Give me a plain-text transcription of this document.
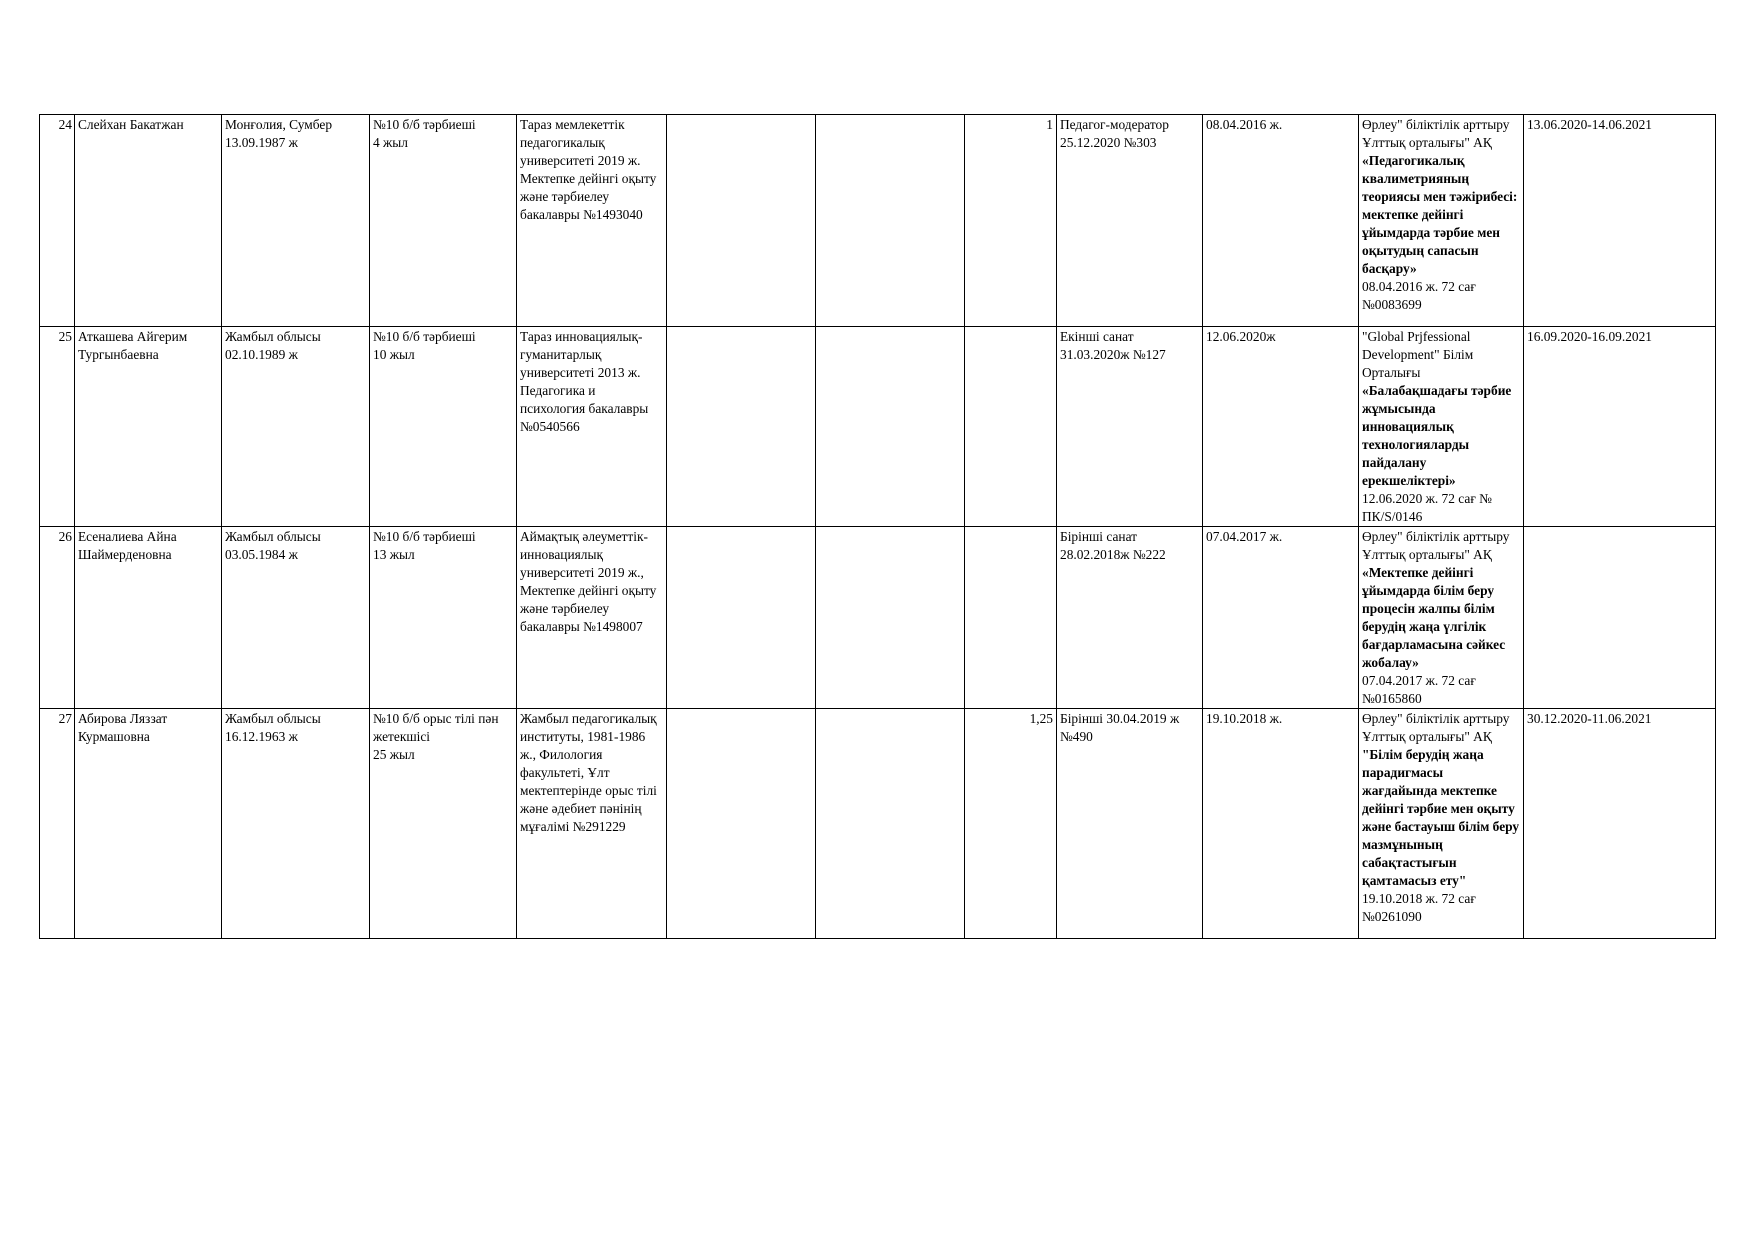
24	Слейхан Бакатжан	Монғолия, Сумбер
13.09.1987 ж	№10 б/б тәрбиеші
4 жыл	Тараз мемлекеттік педагогикалық университеті 2019 ж. Мектепке дейінгі оқыту және тәрбиелеу бакалавры №1493040			1	Педагог-модератор 25.12.2020 №303	08.04.2016 ж.	Өрлеу" біліктілік арттыру Ұлттық орталығы" АҚ
«Педагогикалық квалиметрияның теориясы мен тәжірибесі: мектепке дейінгі ұйымдарда тәрбие мен оқытудың сапасын басқару»
08.04.2016 ж. 72 сағ №0083699	13.06.2020-14.06.2021
25	Аткашева Айгерим Тургынбаевна	Жамбыл облысы
02.10.1989 ж	№10 б/б тәрбиеші
10 жыл	Тараз инновациялық-гуманитарлық университеті 2013 ж. Педагогика и психология бакалавры №0540566				Екінші санат 31.03.2020ж №127	12.06.2020ж	"Global Prjfessional Development" Білім Орталығы
«Балабақшадағы тәрбие жұмысында инновациялық технологияларды пайдалану ерекшеліктері»
12.06.2020 ж. 72 сағ № ПК/S/0146	16.09.2020-16.09.2021
26	Есеналиева Айна Шаймерденовна	Жамбыл облысы
03.05.1984 ж	№10 б/б тәрбиеші
13 жыл	Аймақтық әлеуметтік-инновациялық университеті 2019 ж., Мектепке дейінгі оқыту және тәрбиелеу бакалавры №1498007				Бірінші санат 28.02.2018ж №222	07.04.2017 ж.	Өрлеу" біліктілік арттыру Ұлттық орталығы" АҚ
«Мектепке дейінгі ұйымдарда білім беру процесін жалпы білім берудің жаңа үлгілік бағдарламасына сәйкес жобалау»
07.04.2017 ж. 72 сағ №0165860	

27	Абирова Ляззат Курмашовна	Жамбыл облысы
16.12.1963 ж	№10 б/б орыс тілі пән жетекшісі
25 жыл	Жамбыл педагогикалық институты, 1981-1986 ж., Филология факультеті, Ұлт мектептерінде орыс тілі және әдебиет пәнінің мұғалімі №291229			1,25	Бірінші 30.04.2019 ж №490	19.10.2018 ж.	Өрлеу" біліктілік арттыру Ұлттық орталығы" АҚ
"Білім берудің жаңа парадигмасы жағдайында мектепке дейінгі тәрбие мен оқыту және бастауыш білім беру мазмұнының сабақтастығын қамтамасыз ету"
19.10.2018 ж. 72 сағ №0261090	30.12.2020-11.06.2021
